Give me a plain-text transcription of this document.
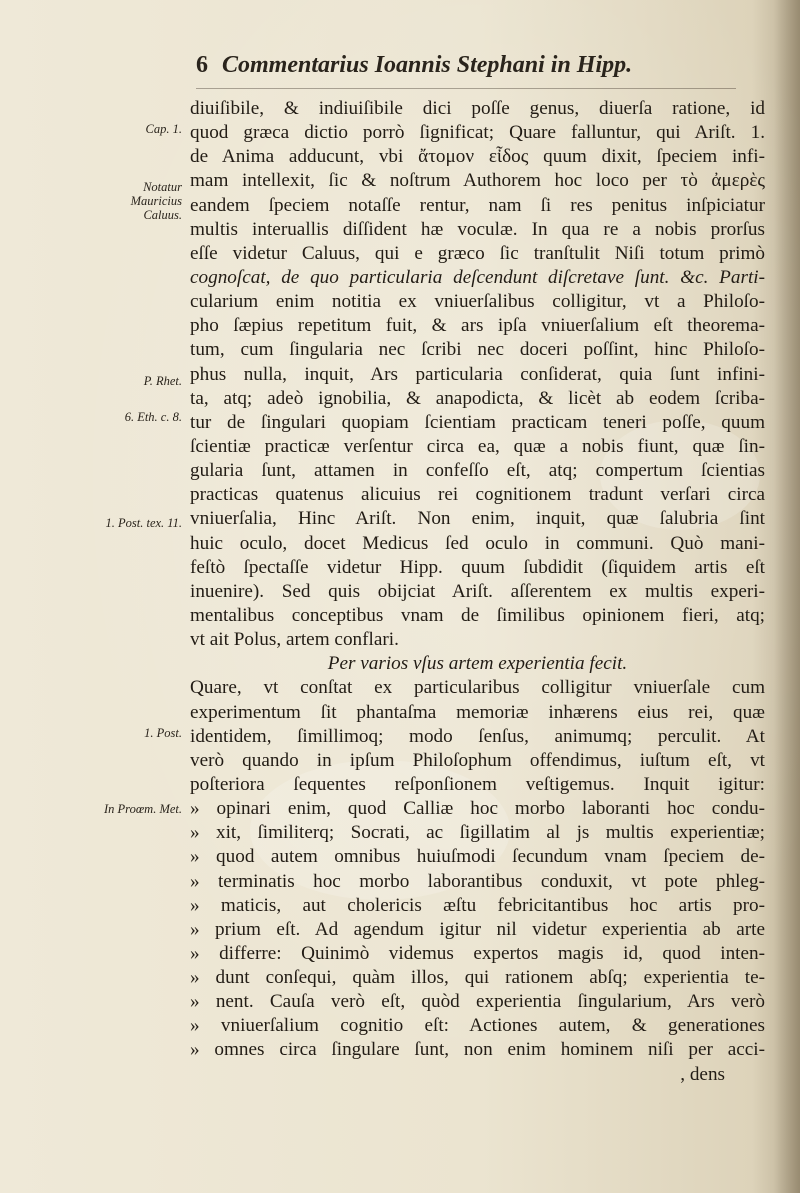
6 Commentarius Ioannis Stephani in Hipp.
Cap. 1.
Notatur Mauricius Caluus.
P. Rhet.
6. Eth. c. 8.
1. Post. tex. 11.
1. Post.
In Proœm. Met.
diuiſibile, & indiuiſibile dici poſſe genus, diuerſa ratione, id
quod græca dictio porrò ſignificat; Quare falluntur, qui Ariſt. 1.
de Anima adducunt, vbi ἄτομον εἶδος quum dixit, ſpeciem infi-
mam intellexit, ſic & noſtrum Authorem hoc loco per τὸ ἀμερὲς
eandem ſpeciem notaſſe rentur, nam ſi res penitus inſpiciatur
multis interuallis diſſident hæ voculæ. In qua re a nobis prorſus
eſſe videtur Caluus, qui e græco ſic tranſtulit Niſi totum primò
cognoſcat, de quo particularia deſcendunt diſcretave ſunt. &c. Parti-
cularium enim notitia ex vniuerſalibus colligitur, vt a Philoſo-
pho ſæpius repetitum fuit, & ars ipſa vniuerſalium eſt theorema-
tum, cum ſingularia nec ſcribi nec doceri poſſint, hinc Philoſo-
phus nulla, inquit, Ars particularia conſiderat, quia ſunt infini-
ta, atq; adeò ignobilia, & anapodicta, & licèt ab eodem ſcriba-
tur de ſingulari quopiam ſcientiam practicam teneri poſſe, quum
ſcientiæ practicæ verſentur circa ea, quæ a nobis fiunt, quæ ſin-
gularia ſunt, attamen in confeſſo eſt, atq; compertum ſcientias
practicas quatenus alicuius rei cognitionem tradunt verſari circa
vniuerſalia, Hinc Ariſt. Non enim, inquit, quæ ſalubria ſint
huic oculo, docet Medicus ſed oculo in communi. Quò mani-
feſtò ſpectaſſe videtur Hipp. quum ſubdidit (ſiquidem artis eſt
inuenire). Sed quis obijciat Ariſt. aſſerentem ex multis experi-
mentalibus conceptibus vnam de ſimilibus opinionem fieri, atq;
vt ait Polus, artem conflari.
Per varios vſus artem experientia fecit.
Quare, vt conſtat ex particularibus colligitur vniuerſale cum
experimentum ſit phantaſma memoriæ inhærens eius rei, quæ
identidem, ſimillimoq; modo ſenſus, animumq; perculit. At
verò quando in ipſum Philoſophum offendimus, iuſtum eſt, vt
poſteriora ſequentes reſponſionem veſtigemus. Inquit igitur:
» opinari enim, quod Calliæ hoc morbo laboranti hoc condu-
» xit, ſimiliterq; Socrati, ac ſigillatim al js multis experientiæ;
» quod autem omnibus huiuſmodi ſecundum vnam ſpeciem de-
» terminatis hoc morbo laborantibus conduxit, vt pote phleg-
» maticis, aut cholericis æſtu febricitantibus hoc artis pro-
» prium eſt. Ad agendum igitur nil videtur experientia ab arte
» differre: Quinimò videmus expertos magis id, quod inten-
» dunt conſequi, quàm illos, qui rationem abſq; experientia te-
» nent. Cauſa verò eſt, quòd experientia ſingularium, Ars verò
» vniuerſalium cognitio eſt: Actiones autem, & generationes
» omnes circa ſingulare ſunt, non enim hominem niſi per acci-
, dens
